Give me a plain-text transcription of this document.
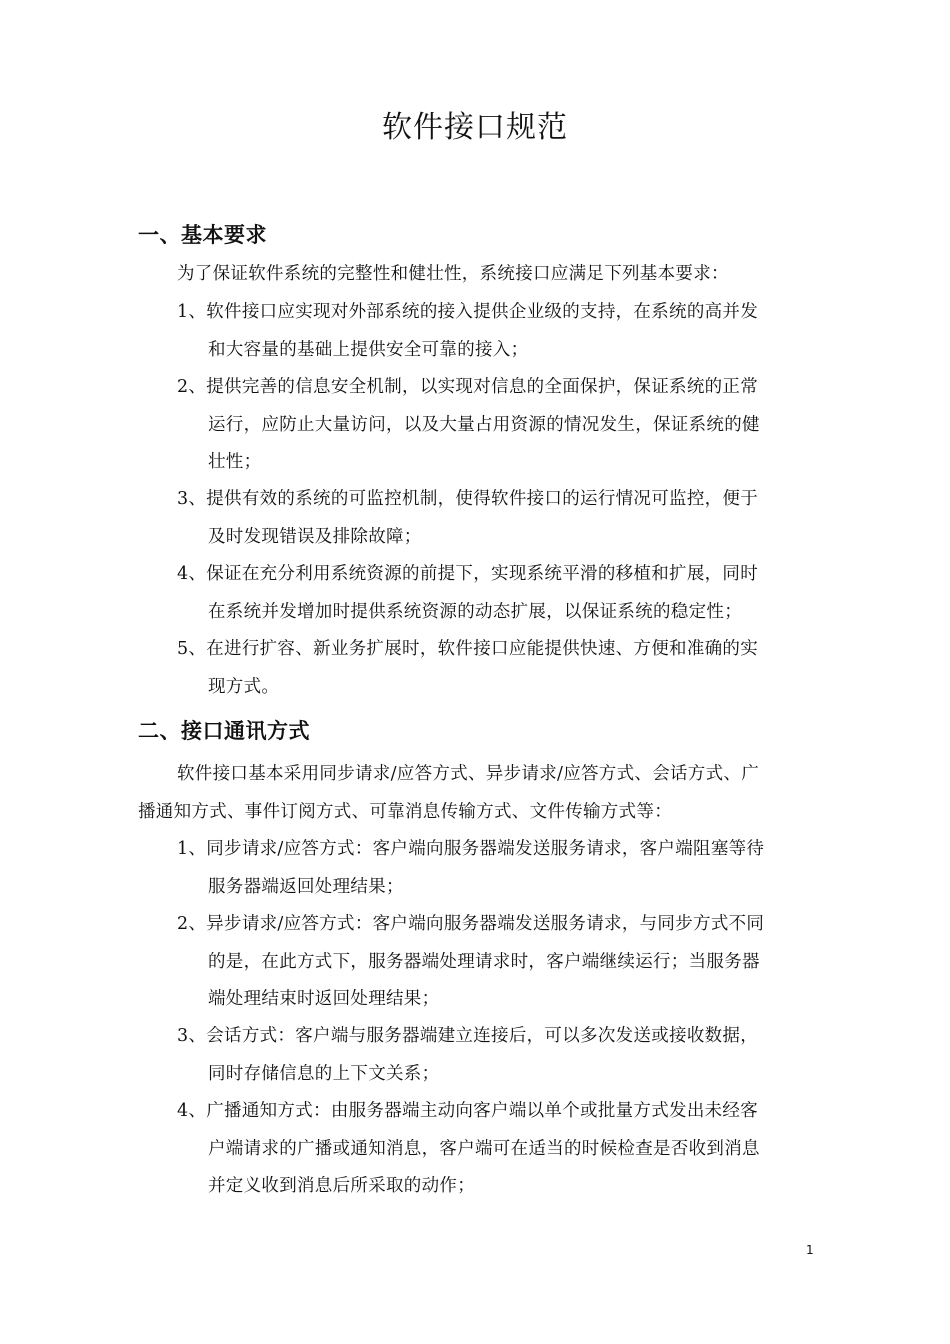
软件接口规范
一、基本要求
为了保证软件系统的完整性和健壮性，系统接口应满足下列基本要求：
1、软件接口应实现对外部系统的接入提供企业级的支持，在系统的高并发
和大容量的基础上提供安全可靠的接入；
2、提供完善的信息安全机制，以实现对信息的全面保护，保证系统的正常
运行，应防止大量访问，以及大量占用资源的情况发生，保证系统的健
壮性；
3、提供有效的系统的可监控机制，使得软件接口的运行情况可监控，便于
及时发现错误及排除故障；
4、保证在充分利用系统资源的前提下，实现系统平滑的移植和扩展，同时
在系统并发增加时提供系统资源的动态扩展，以保证系统的稳定性；
5、在进行扩容、新业务扩展时，软件接口应能提供快速、方便和准确的实
现方式。
二、接口通讯方式
软件接口基本采用同步请求/应答方式、异步请求/应答方式、会话方式、广
播通知方式、事件订阅方式、可靠消息传输方式、文件传输方式等：
1、同步请求/应答方式：客户端向服务器端发送服务请求，客户端阻塞等待
服务器端返回处理结果；
2、异步请求/应答方式：客户端向服务器端发送服务请求，与同步方式不同
的是，在此方式下，服务器端处理请求时，客户端继续运行；当服务器
端处理结束时返回处理结果；
3、会话方式：客户端与服务器端建立连接后，可以多次发送或接收数据，
同时存储信息的上下文关系；
4、广播通知方式：由服务器端主动向客户端以单个或批量方式发出未经客
户端请求的广播或通知消息，客户端可在适当的时候检查是否收到消息
并定义收到消息后所采取的动作；
1
